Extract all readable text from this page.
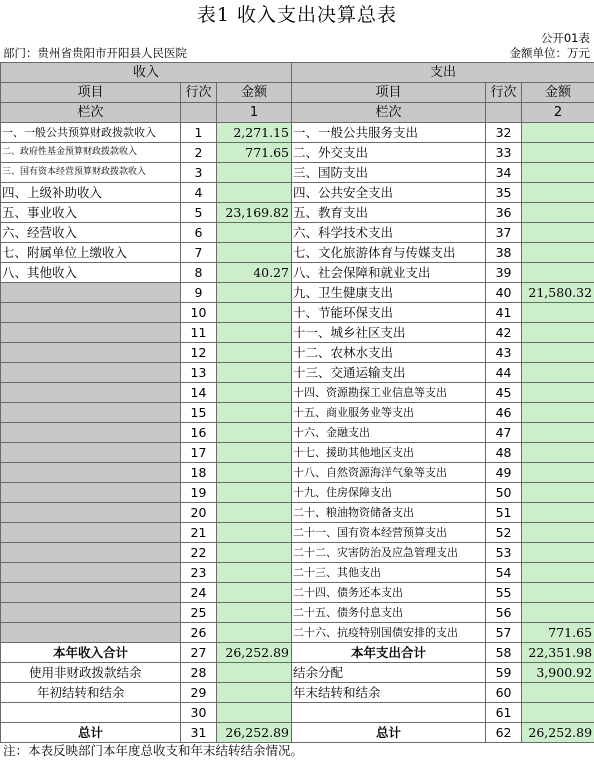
表1 收入支出决算总表
公开01表
部门：贵州省贵阳市开阳县人民医院	金额单位：万元
收入			支出		
项目	行次	金额	项目	行次	金额
栏次		1	栏次		2
一、一般公共预算财政拨款收入	1	2,271.15	一、一般公共服务支出	32	
二、政府性基金预算财政拨款收入	2	771.65	二、外交支出	33	
三、国有资本经营预算财政拨款收入	3		三、国防支出	34	
四、上级补助收入	4		四、公共安全支出	35	
五、事业收入	5	23,169.82	五、教育支出	36	
六、经营收入	6		六、科学技术支出	37	
七、附属单位上缴收入	7		七、文化旅游体育与传媒支出	38	
八、其他收入	8	40.27	八、社会保障和就业支出	39	
	9		九、卫生健康支出	40	21,580.32
	10		十、节能环保支出	41	
	11		十一、城乡社区支出	42	
	12		十二、农林水支出	43	
	13		十三、交通运输支出	44	
	14		十四、资源勘探工业信息等支出	45	
	15		十五、商业服务业等支出	46	
	16		十六、金融支出	47	
	17		十七、援助其他地区支出	48	
	18		十八、自然资源海洋气象等支出	49	
	19		十九、住房保障支出	50	
	20		二十、粮油物资储备支出	51	
	21		二十一、国有资本经营预算支出	52	
	22		二十二、灾害防治及应急管理支出	53	
	23		二十三、其他支出	54	
	24		二十四、债务还本支出	55	
	25		二十五、债务付息支出	56	
	26		二十六、抗疫特别国债安排的支出	57	771.65
本年收入合计	27	26,252.89	本年支出合计	58	22,351.98
使用非财政拨款结余	28		结余分配	59	3,900.92
年初结转和结余	29		年末结转和结余	60	
	30			61	
总计	31	26,252.89	总计	62	26,252.89
注：本表反映部门本年度总收支和年末结转结余情况。
